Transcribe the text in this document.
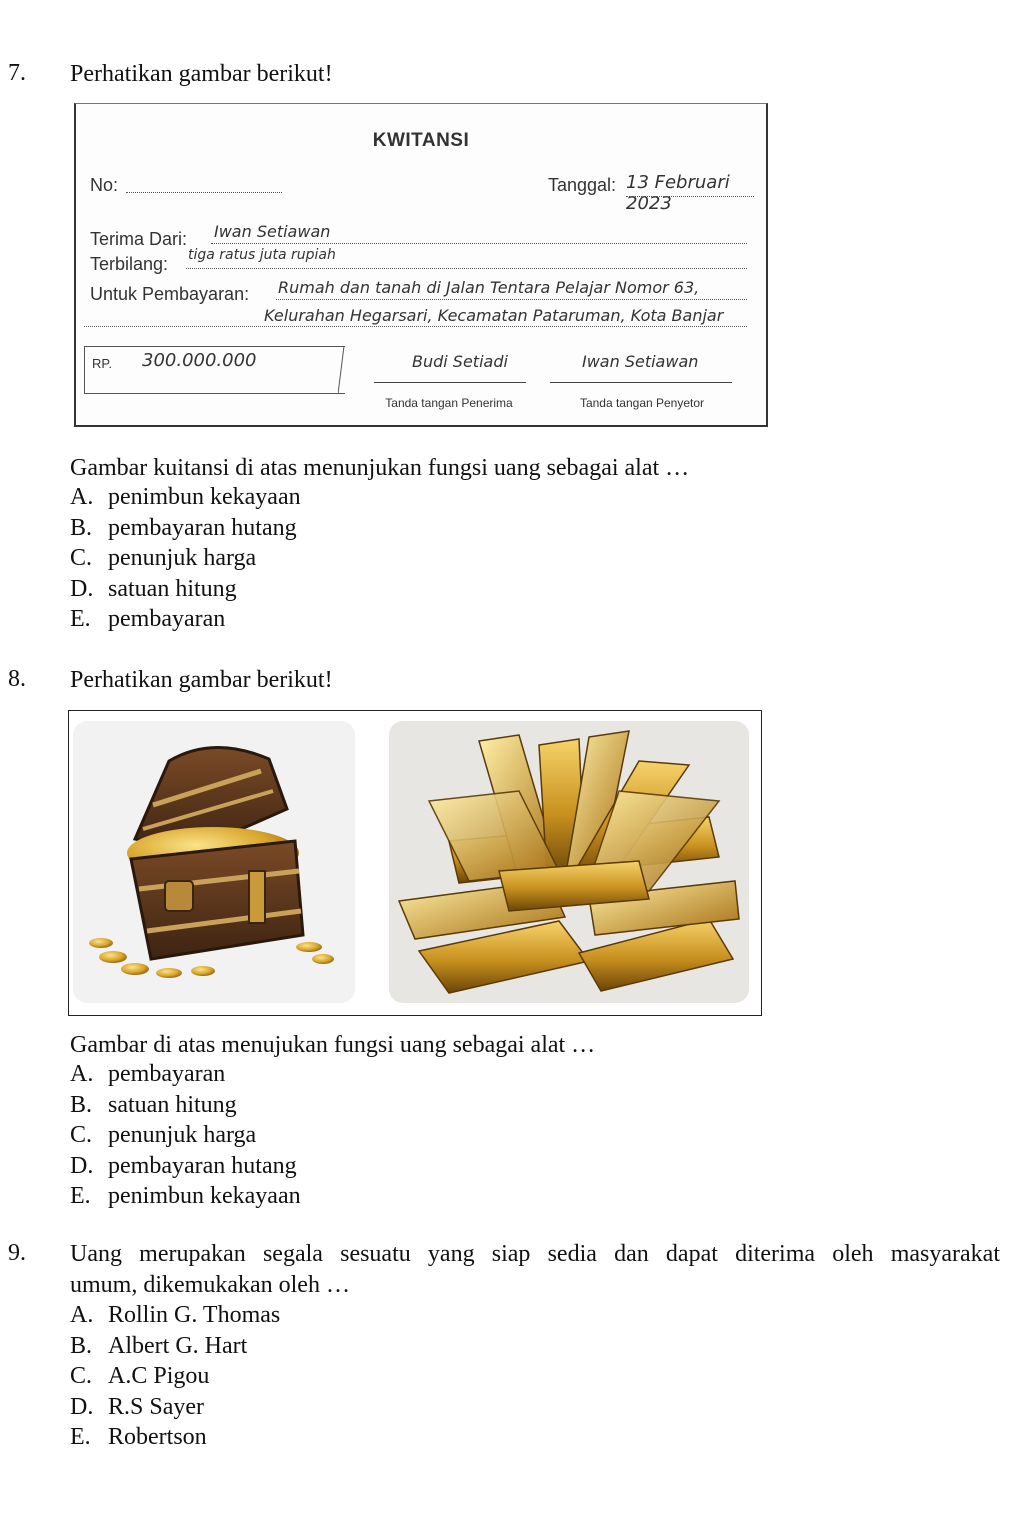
7. Perhatikan gambar berikut!
KWITANSI
No:	Tanggal: 13 Februari 2023
Terima Dari: Iwan Setiawan
Terbilang: tiga ratus juta rupiah
Untuk Pembayaran: Rumah dan tanah di Jalan Tentara Pelajar Nomor 63,
Kelurahan Hegarsari, Kecamatan Pataruman, Kota Banjar
RP. 300.000.000	Budi Setiadi
Tanda tangan Penerima
Iwan Setiawan
Tanda tangan Penyetor
Gambar kuitansi di atas menunjukan fungsi uang sebagai alat …
A. penimbun kekayaan
B. pembayaran hutang
C. penunjuk harga
D. satuan hitung
E. pembayaran
8. Perhatikan gambar berikut!
Gambar di atas menujukan fungsi uang sebagai alat …
A. pembayaran
B. satuan hitung
C. penunjuk harga
D. pembayaran hutang
E. penimbun kekayaan
9. Uang merupakan segala sesuatu yang siap sedia dan dapat diterima oleh masyarakat
umum, dikemukakan oleh …
A. Rollin G. Thomas
B. Albert G. Hart
C. A.C Pigou
D. R.S Sayer
E. Robertson
